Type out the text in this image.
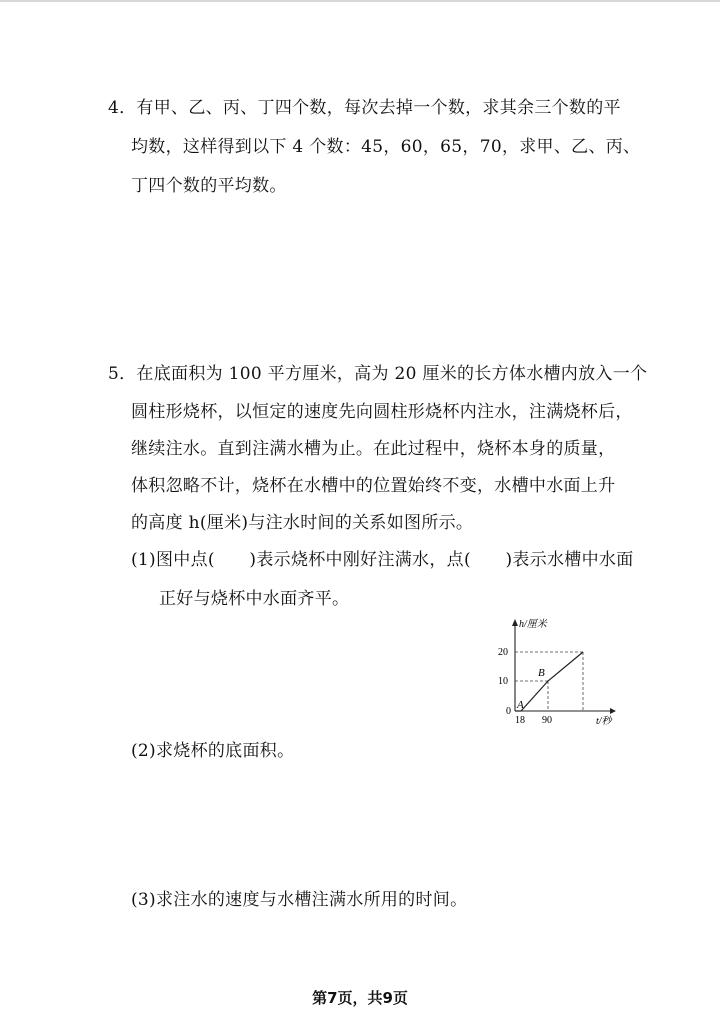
4．有甲、乙、丙、丁四个数，每次去掉一个数，求其余三个数的平
均数，这样得到以下 4 个数：45，60，65，70，求甲、乙、丙、
丁四个数的平均数。
5．在底面积为 100 平方厘米，高为 20 厘米的长方体水槽内放入一个
圆柱形烧杯，以恒定的速度先向圆柱形烧杯内注水，注满烧杯后，
继续注水。直到注满水槽为止。在此过程中，烧杯本身的质量，
体积忽略不计，烧杯在水槽中的位置始终不变，水槽中水面上升
的高度 h(厘米)与注水时间的关系如图所示。
(1)图中点(　　)表示烧杯中刚好注满水，点(　　)表示水槽中水面
正好与烧杯中水面齐平。
h/厘米
t/秒
0
20
10
18 90
A
B
(2)求烧杯的底面积。
(3)求注水的速度与水槽注满水所用的时间。
第7页，共9页
